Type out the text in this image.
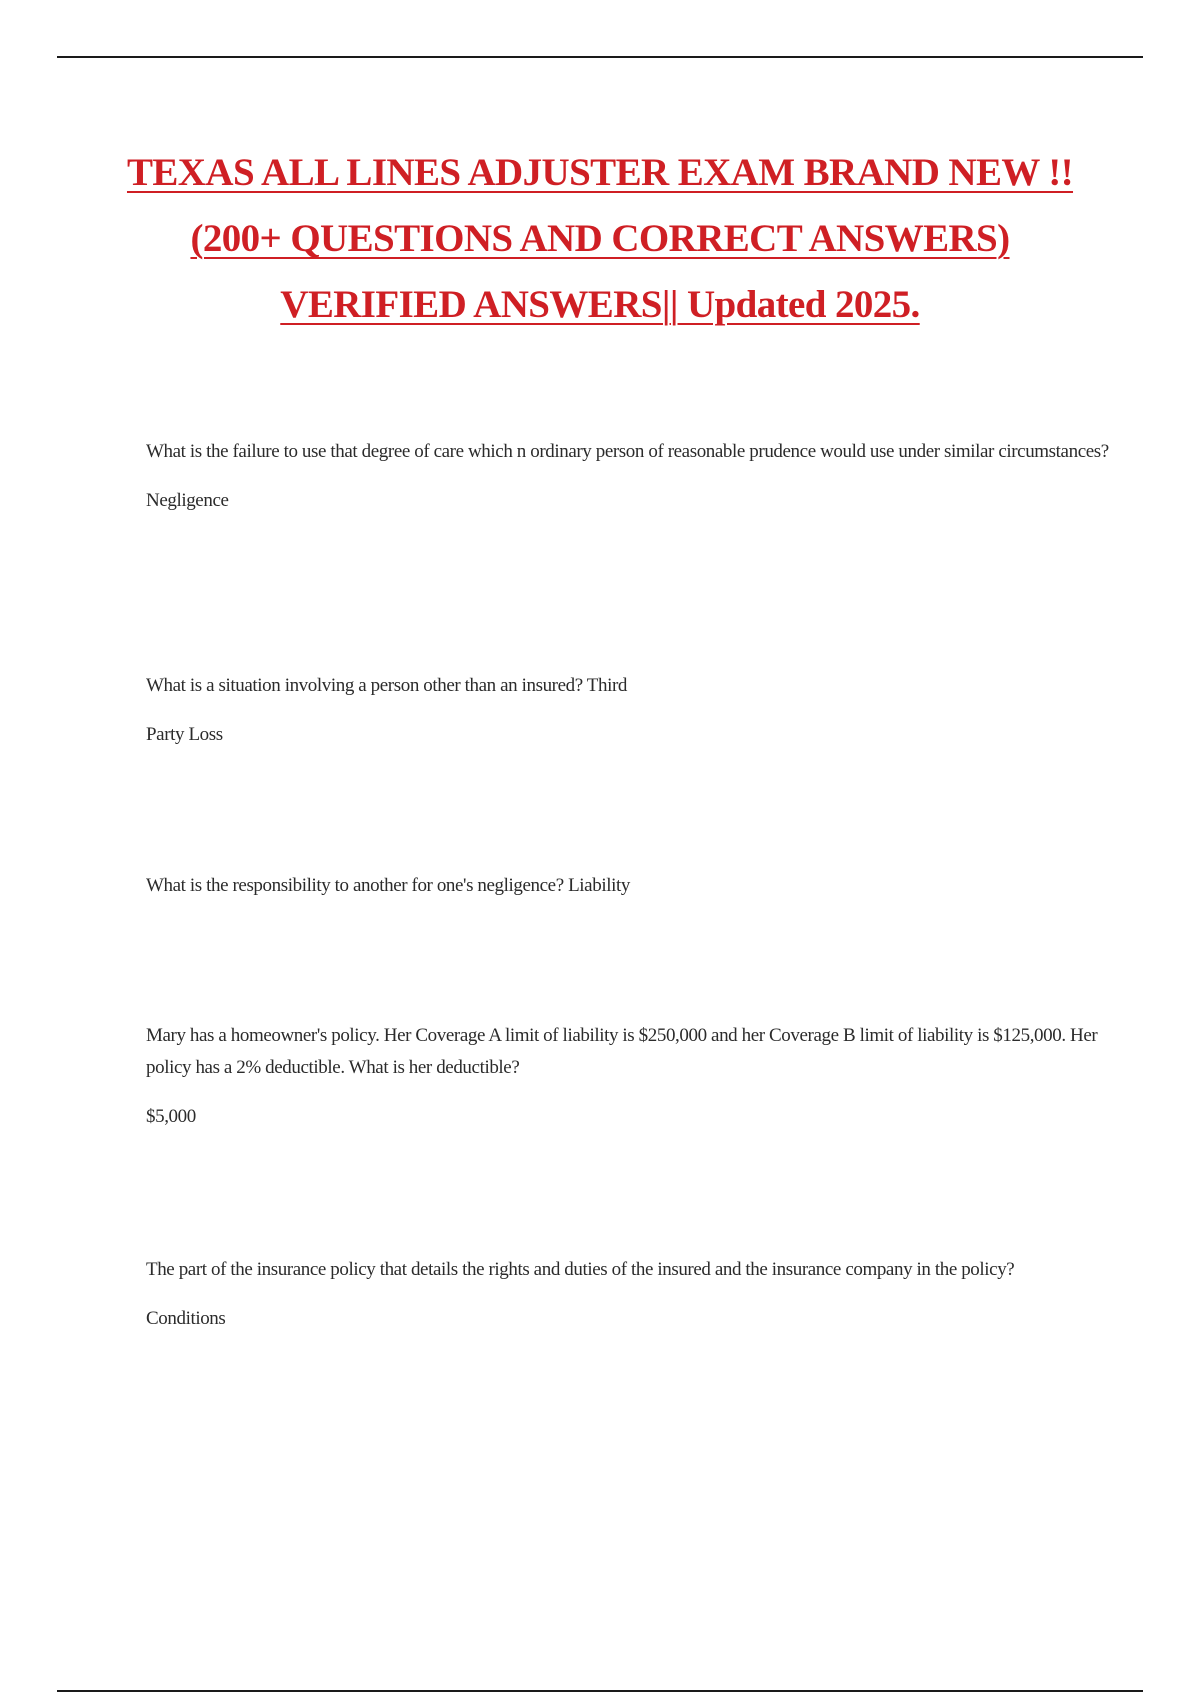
TEXAS ALL LINES ADJUSTER EXAM BRAND NEW !!
(200+ QUESTIONS AND CORRECT ANSWERS)
VERIFIED ANSWERS|| Updated 2025.

What is the failure to use that degree of care which n ordinary person of reasonable prudence would use under similar circumstances?

Negligence

What is a situation involving a person other than an insured? Third

Party Loss

What is the responsibility to another for one's negligence? Liability

Mary has a homeowner's policy. Her Coverage A limit of liability is $250,000 and her Coverage B limit of liability is $125,000. Her policy has a 2% deductible. What is her deductible?

$5,000

The part of the insurance policy that details the rights and duties of the insured and the insurance company in the policy?

Conditions
